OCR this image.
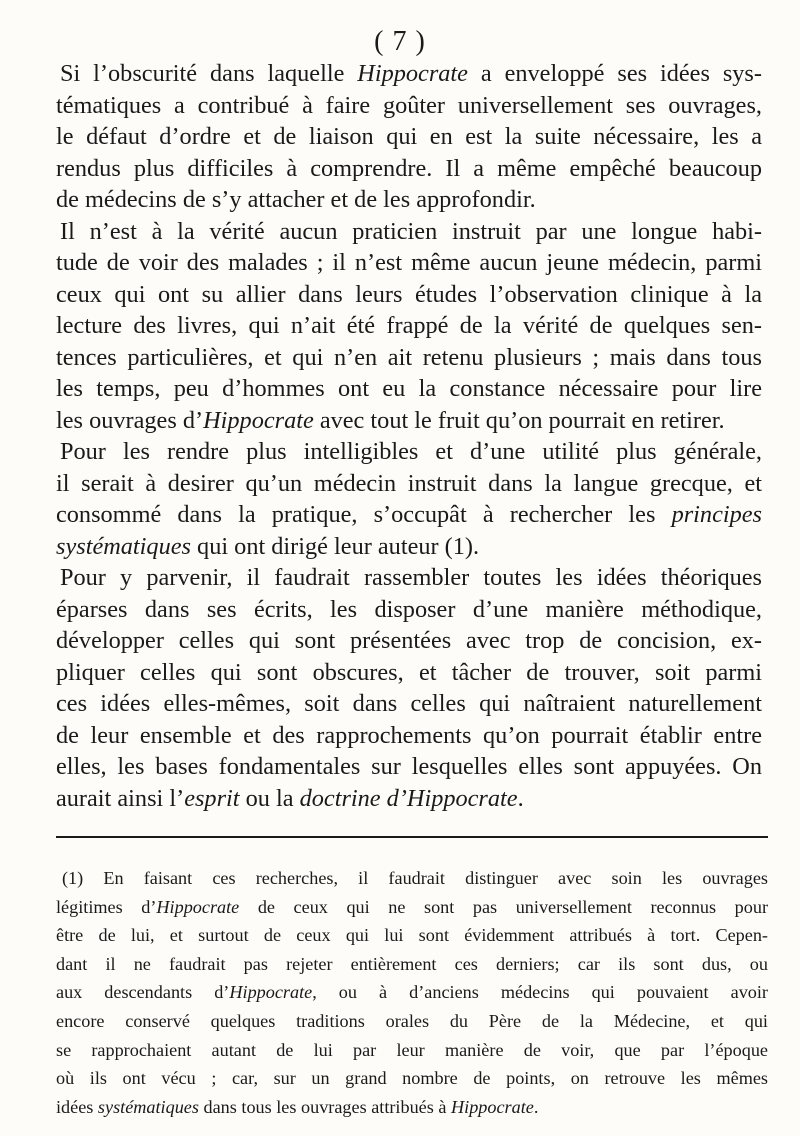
( 7 )
Si l’obscurité dans laquelle Hippocrate a enveloppé ses idées sys-
tématiques a contribué à faire goûter universellement ses ouvrages,
le défaut d’ordre et de liaison qui en est la suite nécessaire, les a
rendus plus difficiles à comprendre. Il a même empêché beaucoup
de médecins de s’y attacher et de les approfondir.
Il n’est à la vérité aucun praticien instruit par une longue habi-
tude de voir des malades ; il n’est même aucun jeune médecin, parmi
ceux qui ont su allier dans leurs études l’observation clinique à la
lecture des livres, qui n’ait été frappé de la vérité de quelques sen-
tences particulières, et qui n’en ait retenu plusieurs ; mais dans tous
les temps, peu d’hommes ont eu la constance nécessaire pour lire
les ouvrages d’Hippocrate avec tout le fruit qu’on pourrait en retirer.
Pour les rendre plus intelligibles et d’une utilité plus générale,
il serait à desirer qu’un médecin instruit dans la langue grecque, et
consommé dans la pratique, s’occupât à rechercher les principes
systématiques qui ont dirigé leur auteur (1).
Pour y parvenir, il faudrait rassembler toutes les idées théoriques
éparses dans ses écrits, les disposer d’une manière méthodique,
développer celles qui sont présentées avec trop de concision, ex-
pliquer celles qui sont obscures, et tâcher de trouver, soit parmi
ces idées elles-mêmes, soit dans celles qui naîtraient naturellement
de leur ensemble et des rapprochements qu’on pourrait établir entre
elles, les bases fondamentales sur lesquelles elles sont appuyées. On
aurait ainsi l’esprit ou la doctrine d’Hippocrate.
(1) En faisant ces recherches, il faudrait distinguer avec soin les ouvrages
légitimes d’Hippocrate de ceux qui ne sont pas universellement reconnus pour
être de lui, et surtout de ceux qui lui sont évidemment attribués à tort. Cepen-
dant il ne faudrait pas rejeter entièrement ces derniers; car ils sont dus, ou
aux descendants d’Hippocrate, ou à d’anciens médecins qui pouvaient avoir
encore conservé quelques traditions orales du Père de la Médecine, et qui
se rapprochaient autant de lui par leur manière de voir, que par l’époque
où ils ont vécu ; car, sur un grand nombre de points, on retrouve les mêmes
idées systématiques dans tous les ouvrages attribués à Hippocrate.
